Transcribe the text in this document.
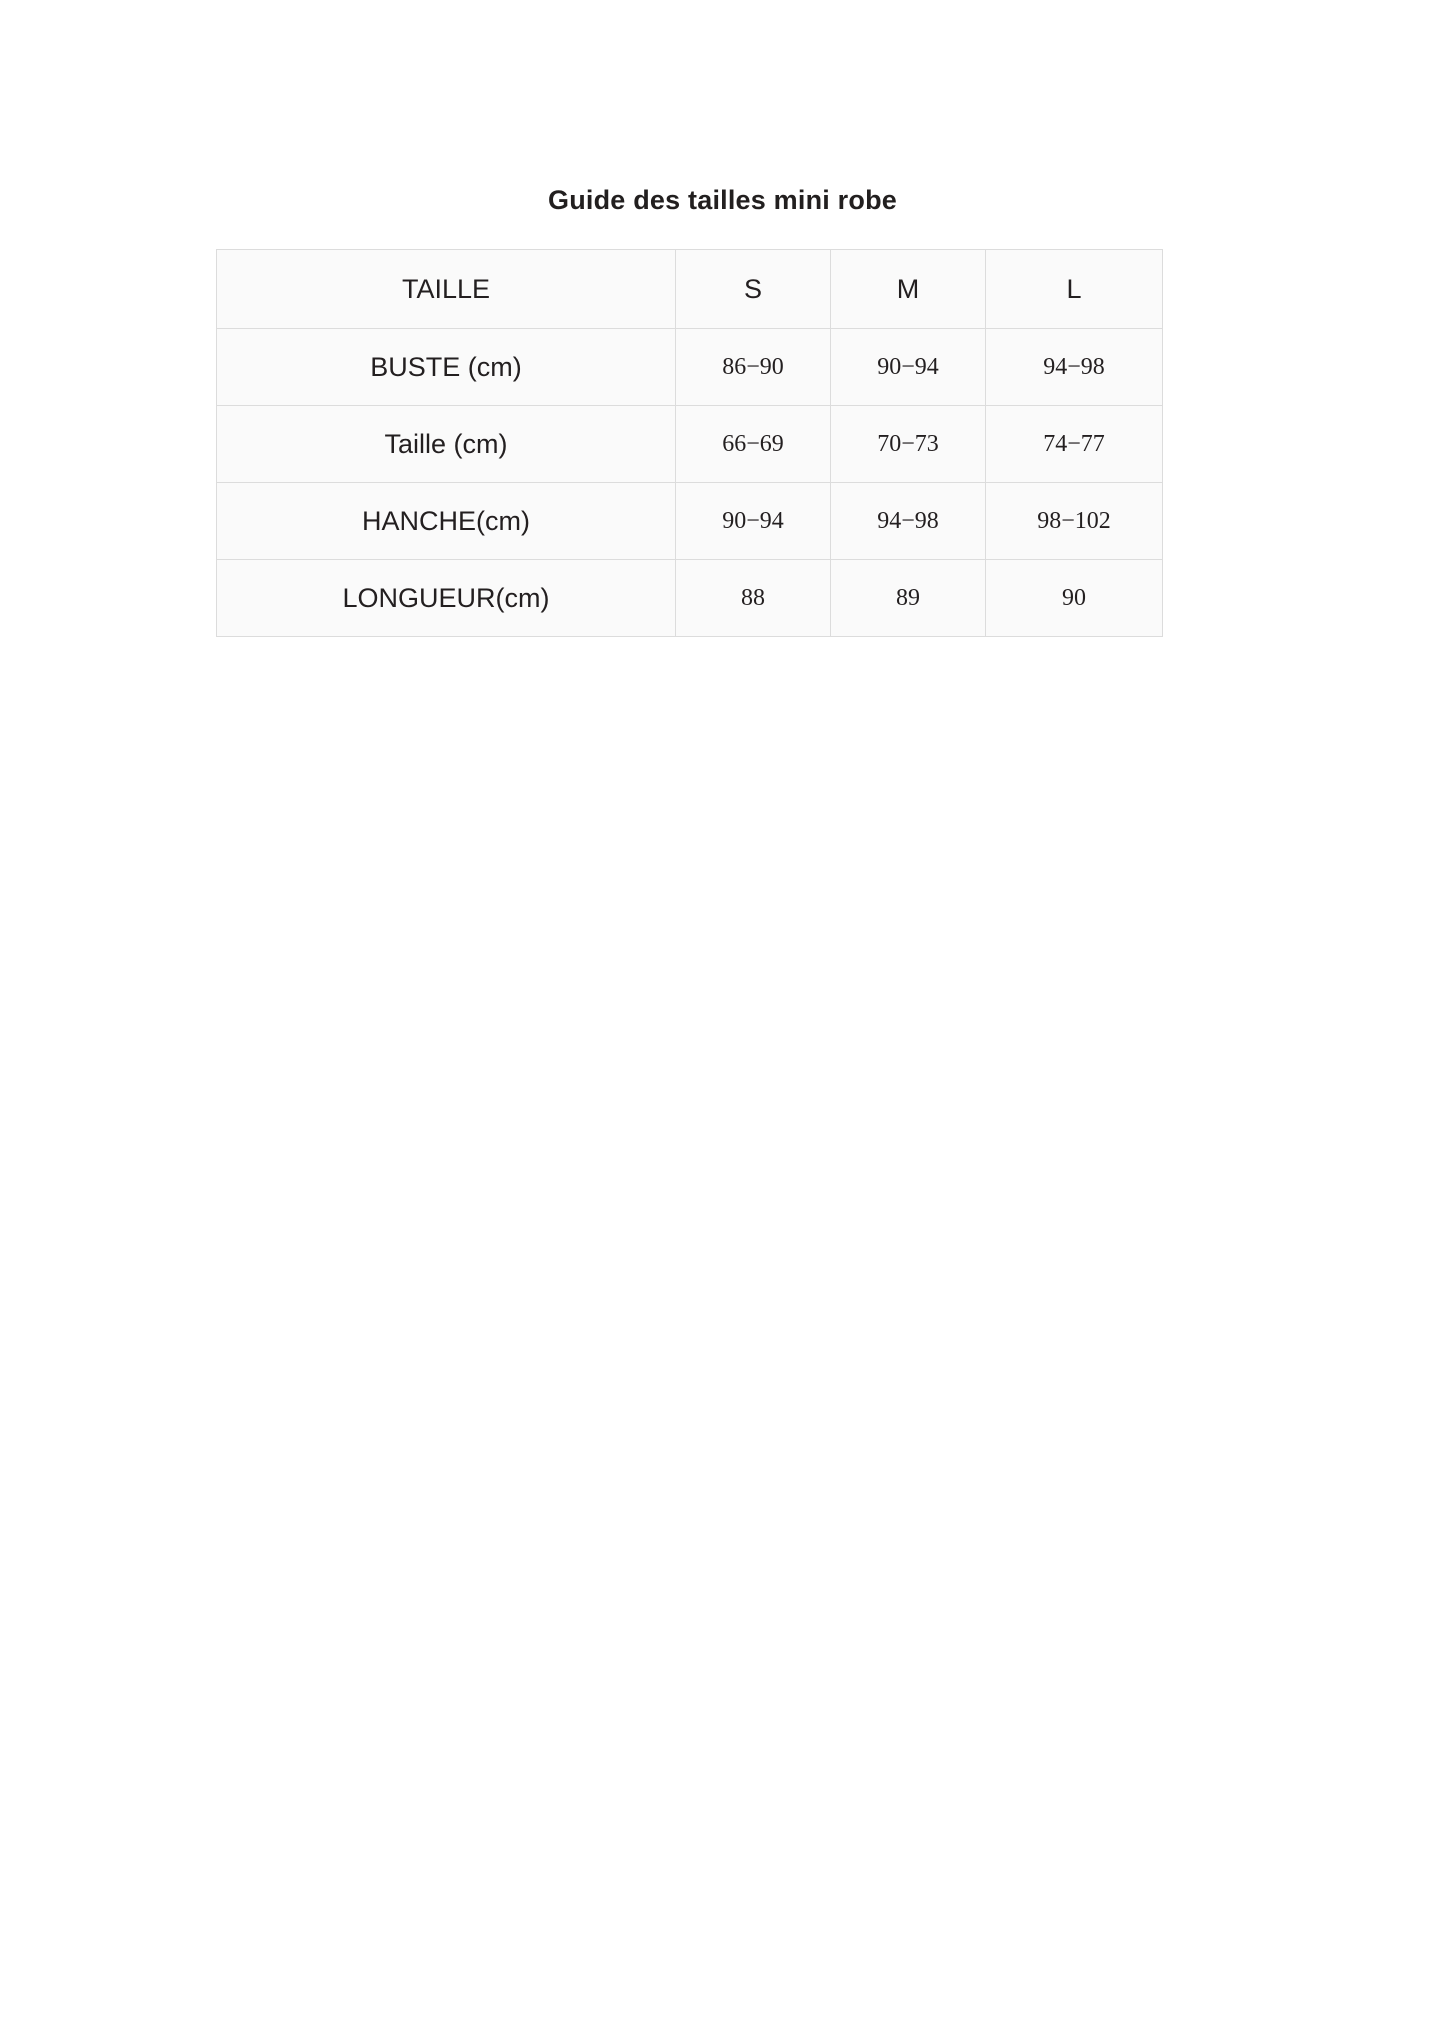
Guide des tailles mini robe
TAILLE	S	M	L
BUSTE (cm)	86−90	90−94	94−98
Taille (cm)	66−69	70−73	74−77
HANCHE(cm)	90−94	94−98	98−102
LONGUEUR(cm)	88	89	90
